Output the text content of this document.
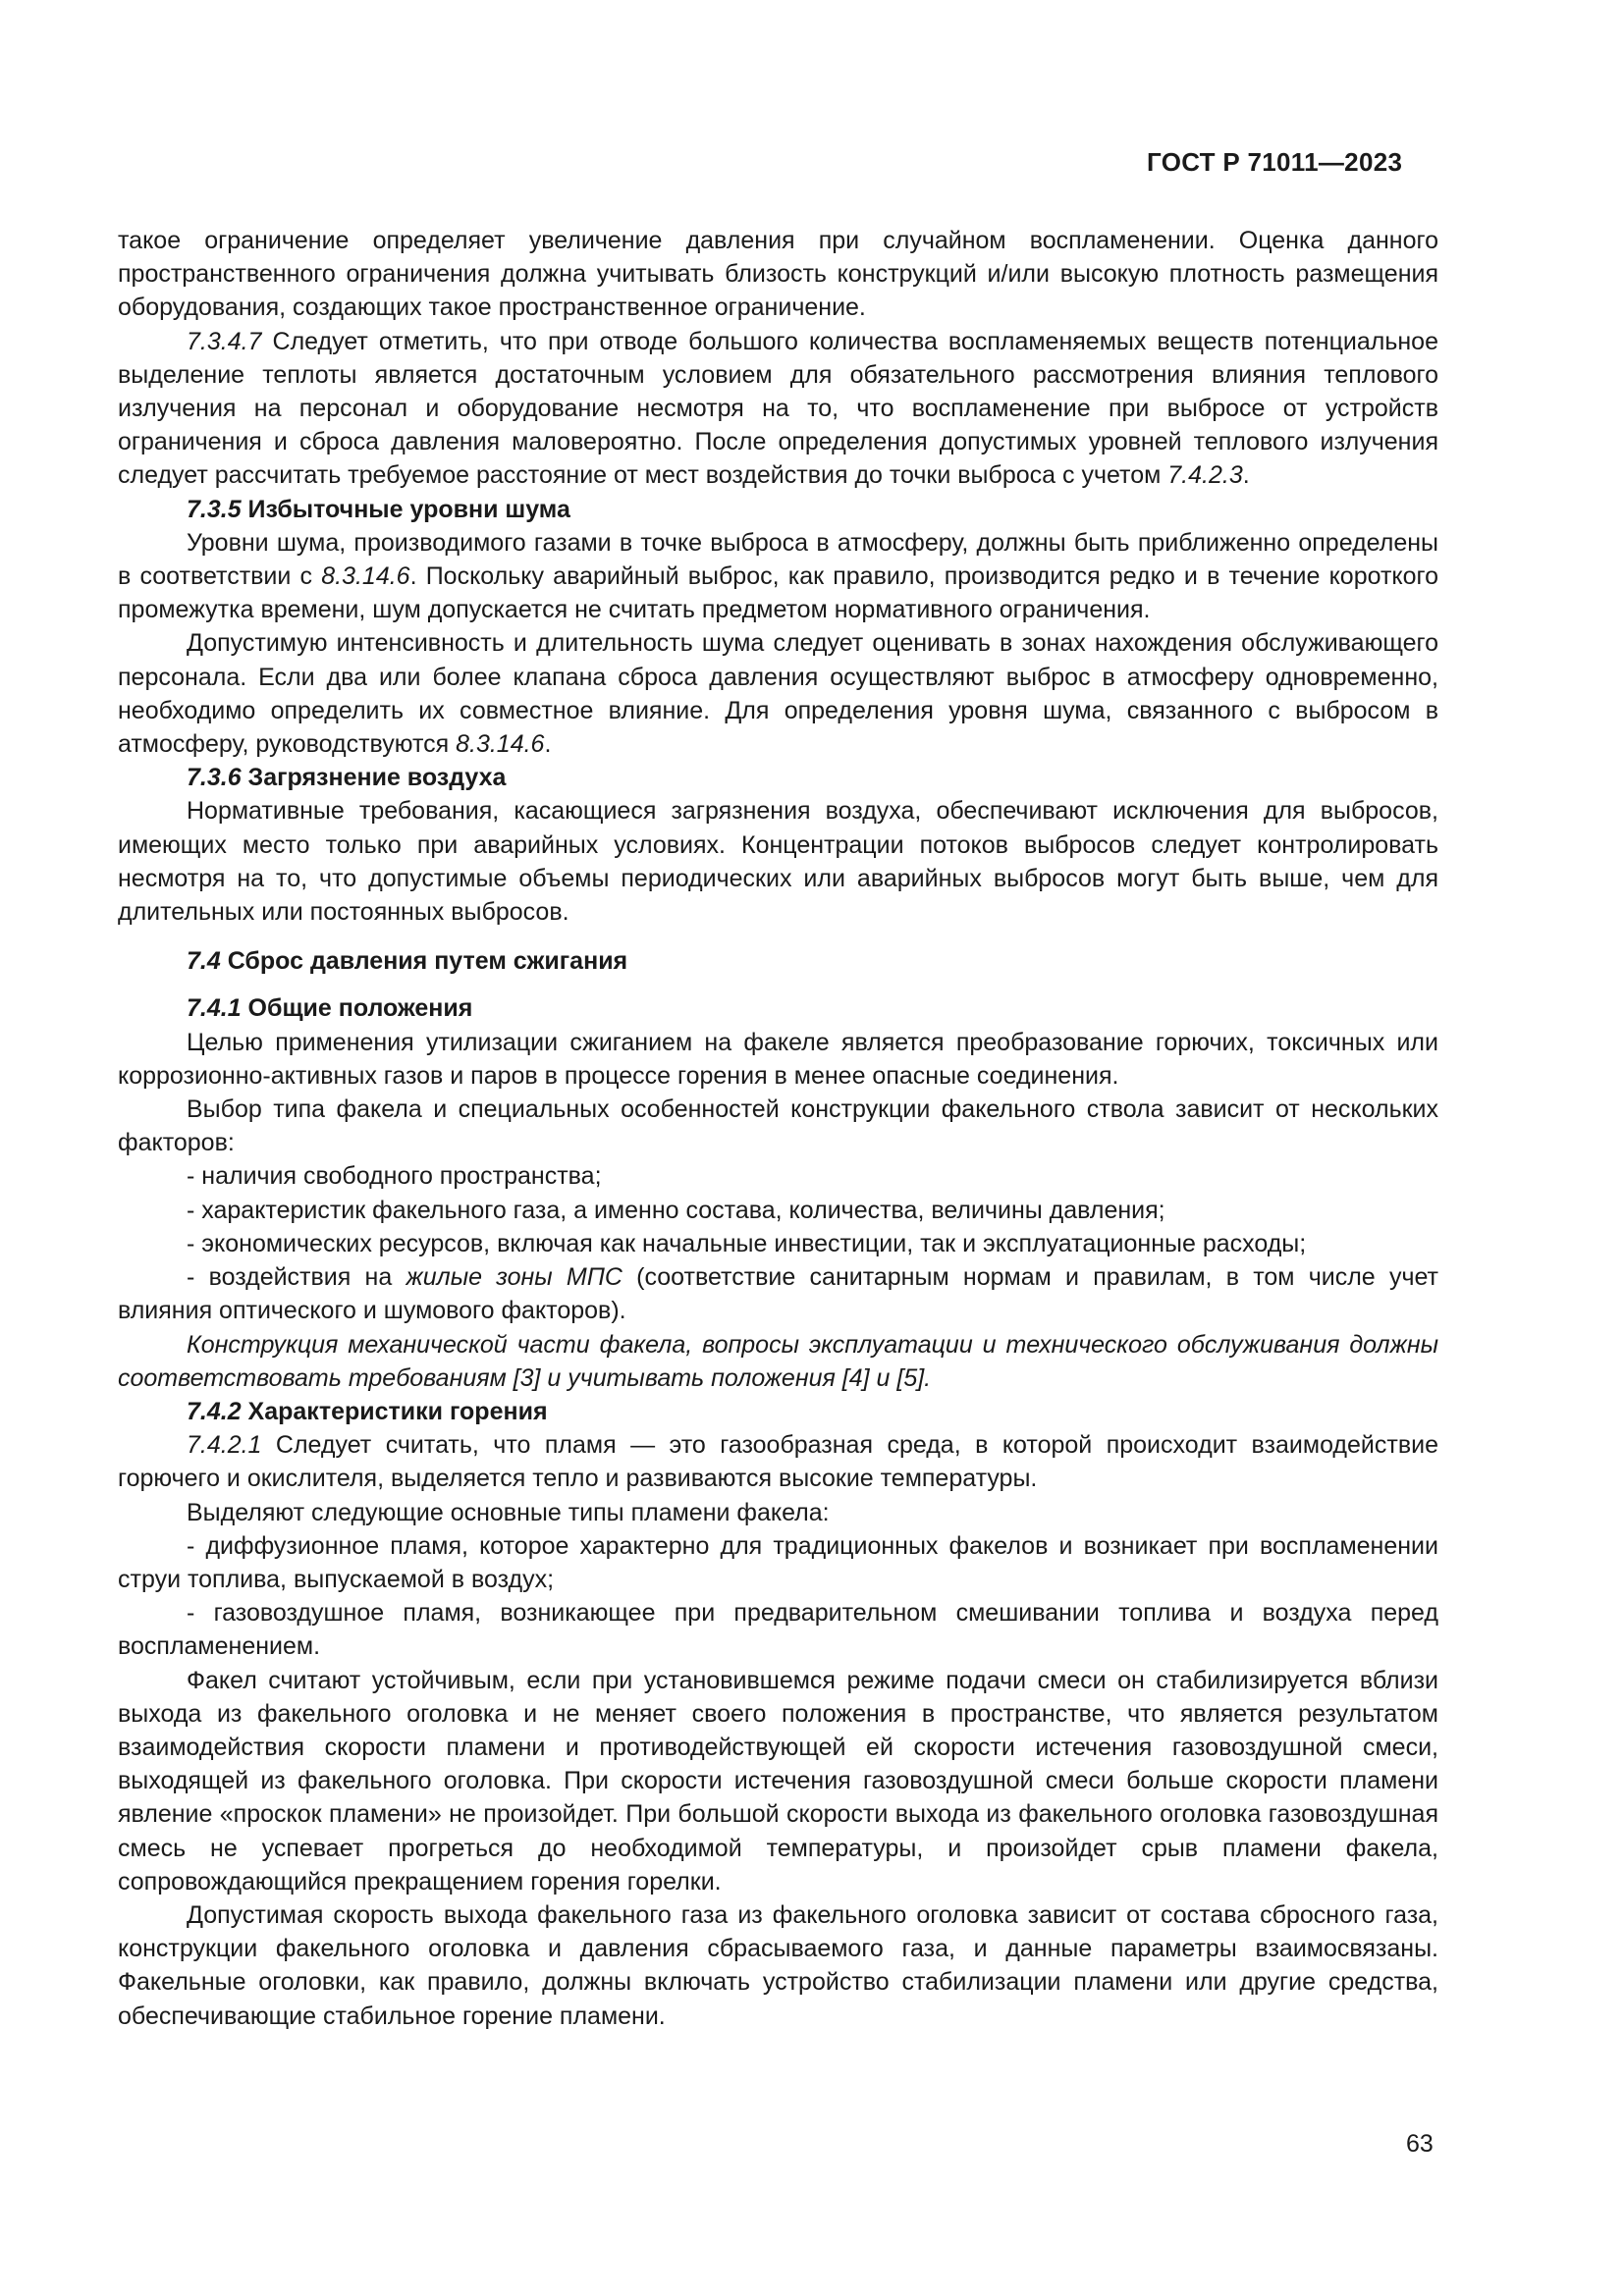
ГОСТ Р 71011—2023

такое ограничение определяет увеличение давления при случайном воспламенении. Оценка данного пространственного ограничения должна учитывать близость конструкций и/или высокую плотность размещения оборудования, создающих такое пространственное ограничение.

7.3.4.7 Следует отметить, что при отводе большого количества воспламеняемых веществ потенциальное выделение теплоты является достаточным условием для обязательного рассмотрения влияния теплового излучения на персонал и оборудование несмотря на то, что воспламенение при выбросе от устройств ограничения и сброса давления маловероятно. После определения допустимых уровней теплового излучения следует рассчитать требуемое расстояние от мест воздействия до точки выброса с учетом 7.4.2.3.

7.3.5 Избыточные уровни шума

Уровни шума, производимого газами в точке выброса в атмосферу, должны быть приближенно определены в соответствии с 8.3.14.6. Поскольку аварийный выброс, как правило, производится редко и в течение короткого промежутка времени, шум допускается не считать предметом нормативного ограничения.

Допустимую интенсивность и длительность шума следует оценивать в зонах нахождения обслуживающего персонала. Если два или более клапана сброса давления осуществляют выброс в атмосферу одновременно, необходимо определить их совместное влияние. Для определения уровня шума, связанного с выбросом в атмосферу, руководствуются 8.3.14.6.

7.3.6 Загрязнение воздуха

Нормативные требования, касающиеся загрязнения воздуха, обеспечивают исключения для выбросов, имеющих место только при аварийных условиях. Концентрации потоков выбросов следует контролировать несмотря на то, что допустимые объемы периодических или аварийных выбросов могут быть выше, чем для длительных или постоянных выбросов.

7.4 Сброс давления путем сжигания

7.4.1 Общие положения

Целью применения утилизации сжиганием на факеле является преобразование горючих, токсичных или коррозионно-активных газов и паров в процессе горения в менее опасные соединения.

Выбор типа факела и специальных особенностей конструкции факельного ствола зависит от нескольких факторов:

- наличия свободного пространства;

- характеристик факельного газа, а именно состава, количества, величины давления;

- экономических ресурсов, включая как начальные инвестиции, так и эксплуатационные расходы;

- воздействия на жилые зоны МПС (соответствие санитарным нормам и правилам, в том числе учет влияния оптического и шумового факторов).

Конструкция механической части факела, вопросы эксплуатации и технического обслуживания должны соответствовать требованиям [3] и учитывать положения [4] и [5].

7.4.2 Характеристики горения

7.4.2.1 Следует считать, что пламя — это газообразная среда, в которой происходит взаимодействие горючего и окислителя, выделяется тепло и развиваются высокие температуры.

Выделяют следующие основные типы пламени факела:

- диффузионное пламя, которое характерно для традиционных факелов и возникает при воспламенении струи топлива, выпускаемой в воздух;

- газовоздушное пламя, возникающее при предварительном смешивании топлива и воздуха перед воспламенением.

Факел считают устойчивым, если при установившемся режиме подачи смеси он стабилизируется вблизи выхода из факельного оголовка и не меняет своего положения в пространстве, что является результатом взаимодействия скорости пламени и противодействующей ей скорости истечения газовоздушной смеси, выходящей из факельного оголовка. При скорости истечения газовоздушной смеси больше скорости пламени явление «проскок пламени» не произойдет. При большой скорости выхода из факельного оголовка газовоздушная смесь не успевает прогреться до необходимой температуры, и произойдет срыв пламени факела, сопровождающийся прекращением горения горелки.

Допустимая скорость выхода факельного газа из факельного оголовка зависит от состава сбросного газа, конструкции факельного оголовка и давления сбрасываемого газа, и данные параметры взаимосвязаны. Факельные оголовки, как правило, должны включать устройство стабилизации пламени или другие средства, обеспечивающие стабильное горение пламени.

63
